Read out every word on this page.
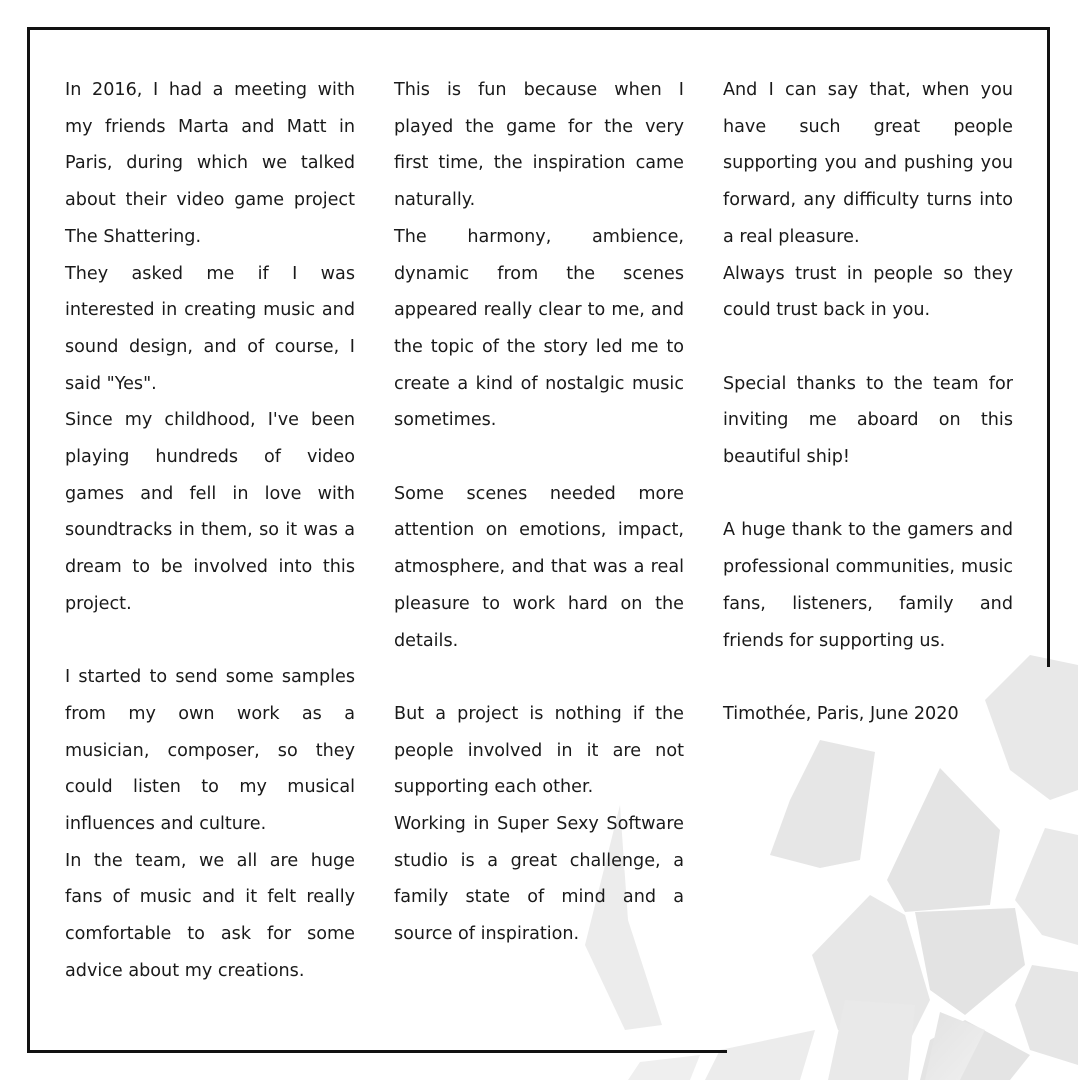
In 2016, I had a meeting with my friends Marta and Matt in Paris, during which we talked about their video game project The Shattering.

They asked me if I was interested in creating music and sound design, and of course, I said "Yes".

Since my childhood, I've been playing hundreds of video games and fell in love with soundtracks in them, so it was a dream to be involved into this project.

I started to send some samples from my own work as a musician, composer, so they could listen to my musical influences and culture.

In the team, we all are huge fans of music and it felt really comfortable to ask for some advice about my creations.

This is fun because when I played the game for the very first time, the inspiration came naturally.

The harmony, ambience, dynamic from the scenes appeared really clear to me, and the topic of the story led me to create a kind of nostalgic music sometimes.

Some scenes needed more attention on emotions, impact, atmosphere, and that was a real pleasure to work hard on the details.

But a project is nothing if the people involved in it are not supporting each other.

Working in Super Sexy Software studio is a great challenge, a family state of mind and a source of inspiration.

And I can say that, when you have such great people supporting you and pushing you forward, any difficulty turns into a real pleasure.

Always trust in people so they could trust back in you.

Special thanks to the team for inviting me aboard on this beautiful ship!

A huge thank to the gamers and professional communities, music fans, listeners, family and friends for supporting us.

Timothée, Paris, June 2020
